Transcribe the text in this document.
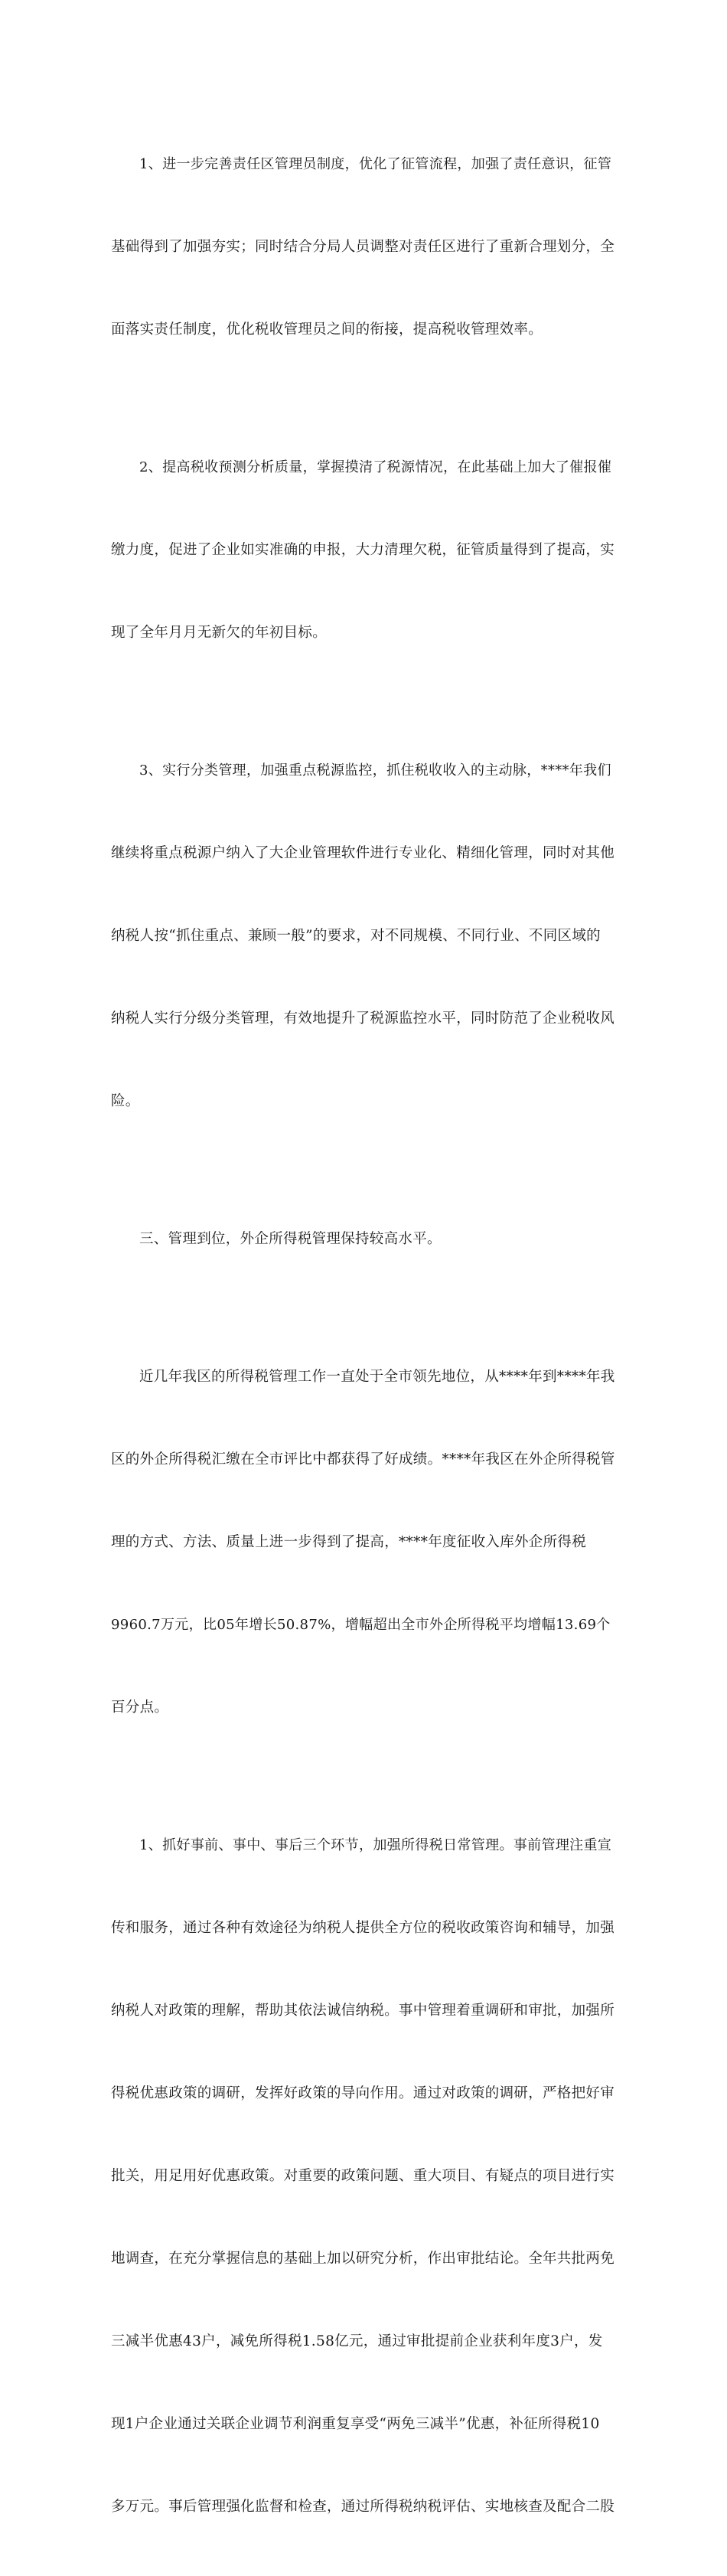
1、进一步完善责任区管理员制度，优化了征管流程，加强了责任意识，征管

基础得到了加强夯实；同时结合分局人员调整对责任区进行了重新合理划分，全

面落实责任制度，优化税收管理员之间的衔接，提高税收管理效率。

2、提高税收预测分析质量，掌握摸清了税源情况，在此基础上加大了催报催

缴力度，促进了企业如实准确的申报，大力清理欠税，征管质量得到了提高，实

现了全年月月无新欠的年初目标。

3、实行分类管理，加强重点税源监控，抓住税收收入的主动脉，****年我们

继续将重点税源户纳入了大企业管理软件进行专业化、精细化管理，同时对其他

纳税人按“抓住重点、兼顾一般”的要求，对不同规模、不同行业、不同区域的

纳税人实行分级分类管理，有效地提升了税源监控水平，同时防范了企业税收风

险。

三、管理到位，外企所得税管理保持较高水平。

近几年我区的所得税管理工作一直处于全市领先地位，从****年到****年我

区的外企所得税汇缴在全市评比中都获得了好成绩。****年我区在外企所得税管

理的方式、方法、质量上进一步得到了提高，****年度征收入库外企所得税

9960.7万元，比05年增长50.87%，增幅超出全市外企所得税平均增幅13.69个

百分点。

1、抓好事前、事中、事后三个环节，加强所得税日常管理。事前管理注重宣

传和服务，通过各种有效途径为纳税人提供全方位的税收政策咨询和辅导，加强

纳税人对政策的理解，帮助其依法诚信纳税。事中管理着重调研和审批，加强所

得税优惠政策的调研，发挥好政策的导向作用。通过对政策的调研，严格把好审

批关，用足用好优惠政策。对重要的政策问题、重大项目、有疑点的项目进行实

地调查，在充分掌握信息的基础上加以研究分析，作出审批结论。全年共批两免

三减半优惠43户，减免所得税1.58亿元，通过审批提前企业获利年度3户，发

现1户企业通过关联企业调节利润重复享受“两免三减半”优惠，补征所得税10

多万元。事后管理强化监督和检查，通过所得税纳税评估、实地核查及配合二股
